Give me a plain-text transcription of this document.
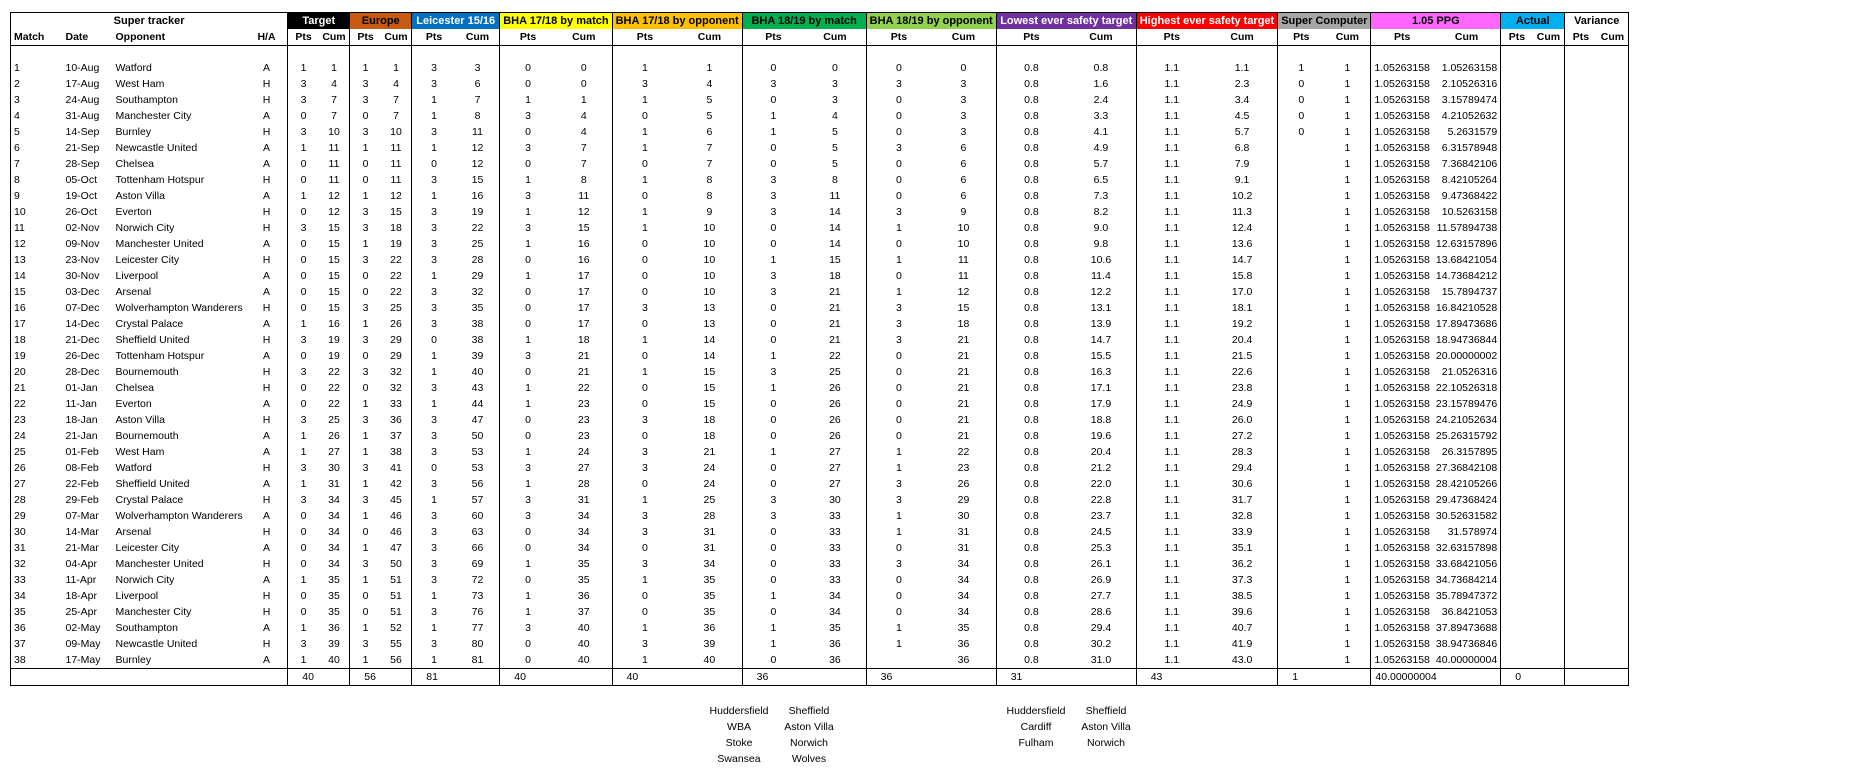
Super tracker				Target		Europe		Leicester 15/16		BHA 17/18 by match		BHA 17/18 by opponent		BHA 18/19 by match		BHA 18/19 by opponent		Lowest ever safety target		Highest ever safety target		Super Computer		1.05 PPG		Actual		Variance	
Match	Date	Opponent	H/A	Pts	Cum	Pts	Cum	Pts	Cum	Pts	Cum	Pts	Cum	Pts	Cum	Pts	Cum	Pts	Cum	Pts	Cum	Pts	Cum	Pts	Cum	Pts	Cum	Pts	Cum

1	10-Aug	Watford	A	1	1	1	1	3	3	0	0	1	1	0	0	0	0	0.8	0.8	1.1	1.1	1	1	1.05263158	1.05263158				
2	17-Aug	West Ham	H	3	4	3	4	3	6	0	0	3	4	3	3	3	3	0.8	1.6	1.1	2.3	0	1	1.05263158	2.10526316				
3	24-Aug	Southampton	H	3	7	3	7	1	7	1	1	1	5	0	3	0	3	0.8	2.4	1.1	3.4	0	1	1.05263158	3.15789474				
4	31-Aug	Manchester City	A	0	7	0	7	1	8	3	4	0	5	1	4	0	3	0.8	3.3	1.1	4.5	0	1	1.05263158	4.21052632				
5	14-Sep	Burnley	H	3	10	3	10	3	11	0	4	1	6	1	5	0	3	0.8	4.1	1.1	5.7	0	1	1.05263158	5.2631579				
6	21-Sep	Newcastle United	A	1	11	1	11	1	12	3	7	1	7	0	5	3	6	0.8	4.9	1.1	6.8		1	1.05263158	6.31578948				
7	28-Sep	Chelsea	A	0	11	0	11	0	12	0	7	0	7	0	5	0	6	0.8	5.7	1.1	7.9		1	1.05263158	7.36842106				
8	05-Oct	Tottenham Hotspur	H	0	11	0	11	3	15	1	8	1	8	3	8	0	6	0.8	6.5	1.1	9.1		1	1.05263158	8.42105264				
9	19-Oct	Aston Villa	A	1	12	1	12	1	16	3	11	0	8	3	11	0	6	0.8	7.3	1.1	10.2		1	1.05263158	9.47368422				
10	26-Oct	Everton	H	0	12	3	15	3	19	1	12	1	9	3	14	3	9	0.8	8.2	1.1	11.3		1	1.05263158	10.5263158				
11	02-Nov	Norwich City	H	3	15	3	18	3	22	3	15	1	10	0	14	1	10	0.8	9.0	1.1	12.4		1	1.05263158	11.57894738				
12	09-Nov	Manchester United	A	0	15	1	19	3	25	1	16	0	10	0	14	0	10	0.8	9.8	1.1	13.6		1	1.05263158	12.63157896				
13	23-Nov	Leicester City	H	0	15	3	22	3	28	0	16	0	10	1	15	1	11	0.8	10.6	1.1	14.7		1	1.05263158	13.68421054				
14	30-Nov	Liverpool	A	0	15	0	22	1	29	1	17	0	10	3	18	0	11	0.8	11.4	1.1	15.8		1	1.05263158	14.73684212				
15	03-Dec	Arsenal	A	0	15	0	22	3	32	0	17	0	10	3	21	1	12	0.8	12.2	1.1	17.0		1	1.05263158	15.7894737				
16	07-Dec	Wolverhampton Wanderers	H	0	15	3	25	3	35	0	17	3	13	0	21	3	15	0.8	13.1	1.1	18.1		1	1.05263158	16.84210528				
17	14-Dec	Crystal Palace	A	1	16	1	26	3	38	0	17	0	13	0	21	3	18	0.8	13.9	1.1	19.2		1	1.05263158	17.89473686				
18	21-Dec	Sheffield United	H	3	19	3	29	0	38	1	18	1	14	0	21	3	21	0.8	14.7	1.1	20.4		1	1.05263158	18.94736844				
19	26-Dec	Tottenham Hotspur	A	0	19	0	29	1	39	3	21	0	14	1	22	0	21	0.8	15.5	1.1	21.5		1	1.05263158	20.00000002				
20	28-Dec	Bournemouth	H	3	22	3	32	1	40	0	21	1	15	3	25	0	21	0.8	16.3	1.1	22.6		1	1.05263158	21.0526316				
21	01-Jan	Chelsea	H	0	22	0	32	3	43	1	22	0	15	1	26	0	21	0.8	17.1	1.1	23.8		1	1.05263158	22.10526318				
22	11-Jan	Everton	A	0	22	1	33	1	44	1	23	0	15	0	26	0	21	0.8	17.9	1.1	24.9		1	1.05263158	23.15789476				
23	18-Jan	Aston Villa	H	3	25	3	36	3	47	0	23	3	18	0	26	0	21	0.8	18.8	1.1	26.0		1	1.05263158	24.21052634				
24	21-Jan	Bournemouth	A	1	26	1	37	3	50	0	23	0	18	0	26	0	21	0.8	19.6	1.1	27.2		1	1.05263158	25.26315792				
25	01-Feb	West Ham	A	1	27	1	38	3	53	1	24	3	21	1	27	1	22	0.8	20.4	1.1	28.3		1	1.05263158	26.3157895				
26	08-Feb	Watford	H	3	30	3	41	0	53	3	27	3	24	0	27	1	23	0.8	21.2	1.1	29.4		1	1.05263158	27.36842108				
27	22-Feb	Sheffield United	A	1	31	1	42	3	56	1	28	0	24	0	27	3	26	0.8	22.0	1.1	30.6		1	1.05263158	28.42105266				
28	29-Feb	Crystal Palace	H	3	34	3	45	1	57	3	31	1	25	3	30	3	29	0.8	22.8	1.1	31.7		1	1.05263158	29.47368424				
29	07-Mar	Wolverhampton Wanderers	A	0	34	1	46	3	60	3	34	3	28	3	33	1	30	0.8	23.7	1.1	32.8		1	1.05263158	30.52631582				
30	14-Mar	Arsenal	H	0	34	0	46	3	63	0	34	3	31	0	33	1	31	0.8	24.5	1.1	33.9		1	1.05263158	31.578974				
31	21-Mar	Leicester City	A	0	34	1	47	3	66	0	34	0	31	0	33	0	31	0.8	25.3	1.1	35.1		1	1.05263158	32.63157898				
32	04-Apr	Manchester United	H	0	34	3	50	3	69	1	35	3	34	0	33	3	34	0.8	26.1	1.1	36.2		1	1.05263158	33.68421056				
33	11-Apr	Norwich City	A	1	35	1	51	3	72	0	35	1	35	0	33	0	34	0.8	26.9	1.1	37.3		1	1.05263158	34.73684214				
34	18-Apr	Liverpool	H	0	35	0	51	1	73	1	36	0	35	1	34	0	34	0.8	27.7	1.1	38.5		1	1.05263158	35.78947372				
35	25-Apr	Manchester City	H	0	35	0	51	3	76	1	37	0	35	0	34	0	34	0.8	28.6	1.1	39.6		1	1.05263158	36.8421053				
36	02-May	Southampton	A	1	36	1	52	1	77	3	40	1	36	1	35	1	35	0.8	29.4	1.1	40.7		1	1.05263158	37.89473688				
37	09-May	Newcastle United	H	3	39	3	55	3	80	0	40	3	39	1	36	1	36	0.8	30.2	1.1	41.9		1	1.05263158	38.94736846				
38	17-May	Burnley	A	1	40	1	56	1	81	0	40	1	40	0	36		36	0.8	31.0	1.1	43.0		1	1.05263158	40.00000004				
				40		56		81		40		40		36		36		31		43		1		40.00000004		0			
Huddersfield
WBA
Stoke
Swansea
Sheffield
Aston Villa
Norwich
Wolves
Huddersfield
Cardiff
Fulham
Sheffield
Aston Villa
Norwich
